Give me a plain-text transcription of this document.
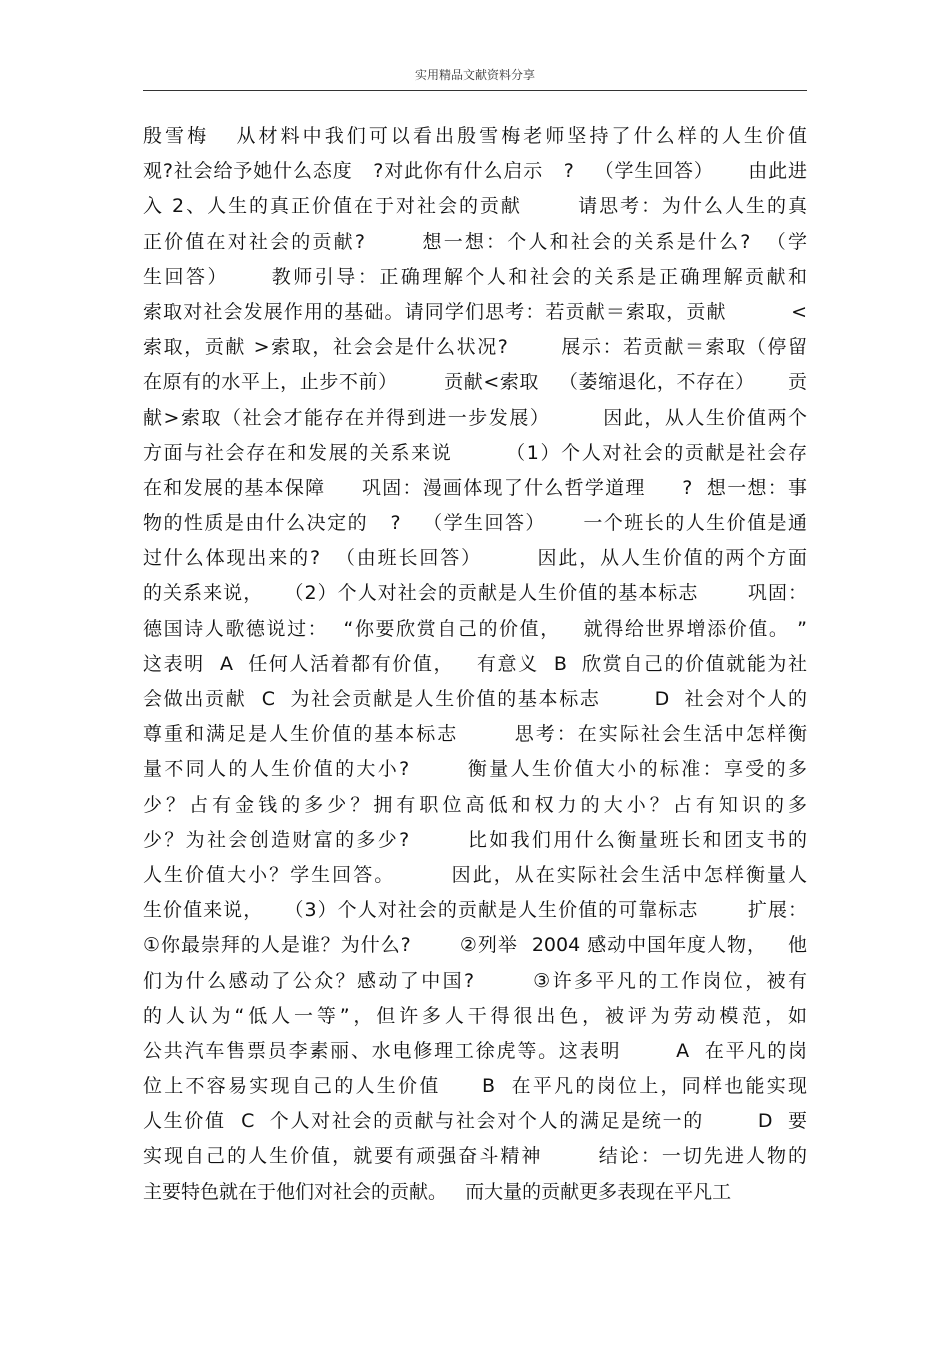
实用精品文献资料分享
殷雪梅   从材料中我们可以看出殷雪梅老师坚持了什么样的人生价值
观?社会给予她什么态度   ?对此你有什么启示   ?   （学生回答）     由此进
入 2、人生的真正价值在于对社会的贡献       请思考：为什么人生的真
正价值在对社会的贡献?       想一想：个人和社会的关系是什么?  （学
生回答）     教师引导：正确理解个人和社会的关系是正确理解贡献和
索取对社会发展作用的基础。请同学们思考：若贡献＝索取，贡献         <
索取，贡献 >索取，社会会是什么状况?       展示：若贡献＝索取（停留
在原有的水平上，止步不前）       贡献<索取   （萎缩退化，不存在）     贡
献>索取（社会才能存在并得到进一步发展）       因此，从人生价值两个
方面与社会存在和发展的关系来说       （1）个人对社会的贡献是社会存
在和发展的基本保障     巩固：漫画体现了什么哲学道理     ?  想一想：事
物的性质是由什么决定的   ?   （学生回答）     一个班长的人生价值是通
过什么体现出来的?  （由班长回答）       因此，从人生价值的两个方面
的关系来说，   （2）个人对社会的贡献是人生价值的基本标志       巩固：
德国诗人歌德说过：  “你要欣赏自己的价值，   就得给世界增添价值。 ”
这表明  A  任何人活着都有价值，   有意义  B  欣赏自己的价值就能为社
会做出贡献  C  为社会贡献是人生价值的基本标志       D  社会对个人的
尊重和满足是人生价值的基本标志       思考：在实际社会生活中怎样衡
量不同人的人生价值的大小?       衡量人生价值大小的标准：享受的多
少？占有金钱的多少？拥有职位高低和权力的大小？占有知识的多
少？为社会创造财富的多少?       比如我们用什么衡量班长和团支书的
人生价值大小？学生回答。       因此，从在实际社会生活中怎样衡量人
生价值来说，   （3）个人对社会的贡献是人生价值的可靠标志       扩展：
①你最崇拜的人是谁？为什么?       ②列举  2004 感动中国年度人物，   他
们为什么感动了公众？感动了中国?       ③许多平凡的工作岗位，被有
的人认为“低人一等”，但许多人干得很出色，被评为劳动模范，如
公共汽车售票员李素丽、水电修理工徐虎等。这表明       A  在平凡的岗
位上不容易实现自己的人生价值     B  在平凡的岗位上，同样也能实现
人生价值  C  个人对社会的贡献与社会对个人的满足是统一的       D  要
实现自己的人生价值，就要有顽强奋斗精神       结论：一切先进人物的
主要特色就在于他们对社会的贡献。   而大量的贡献更多表现在平凡工
